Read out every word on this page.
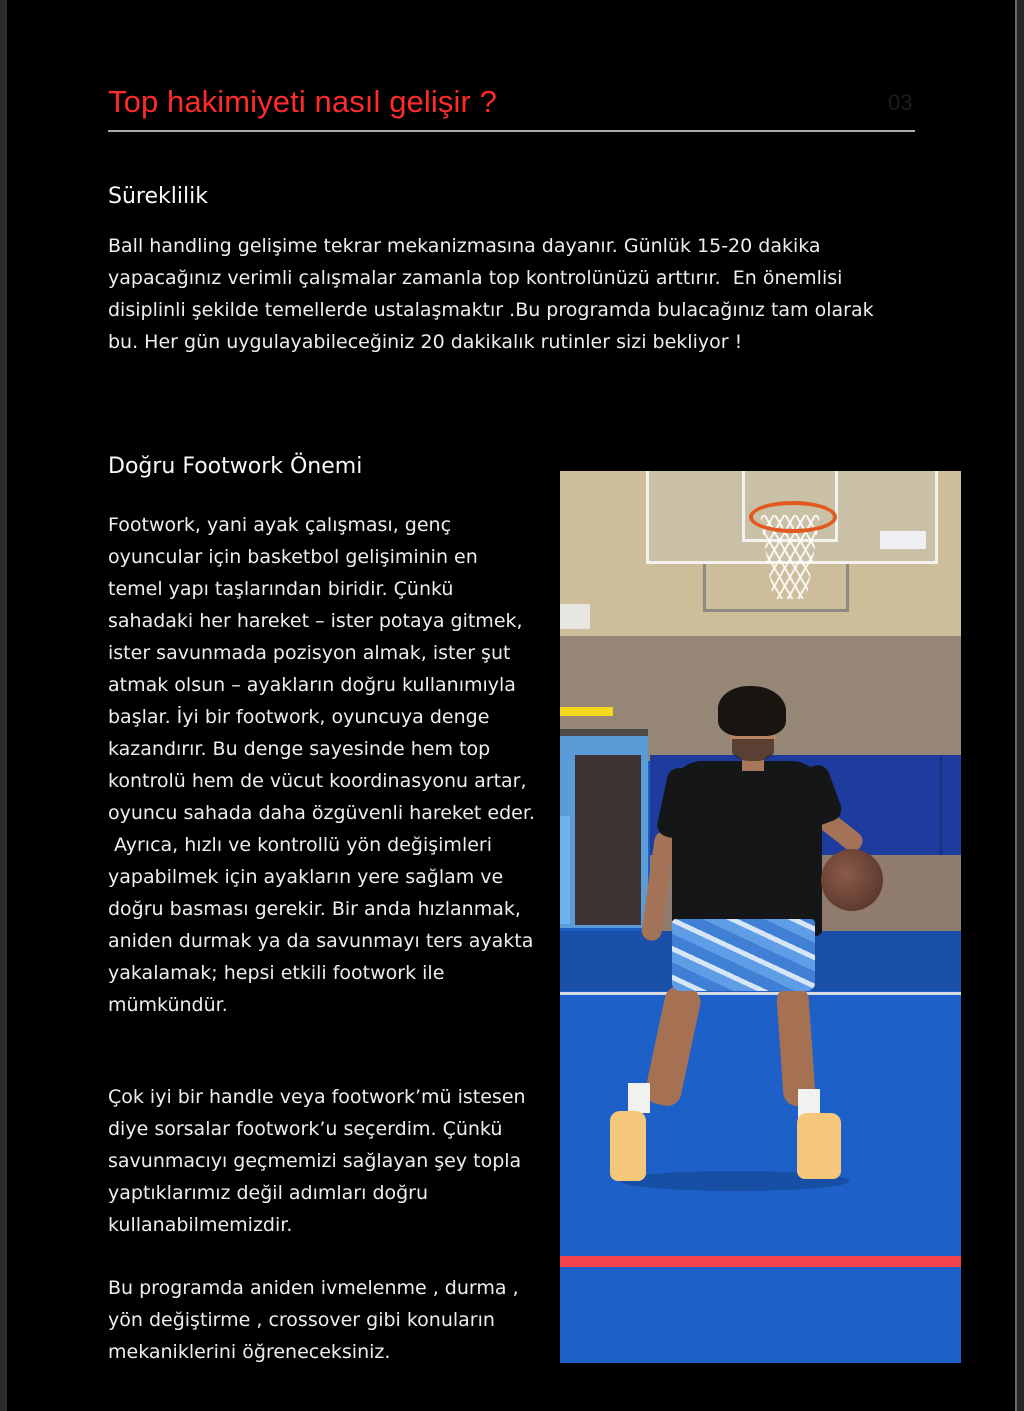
Top hakimiyeti nasıl gelişir ?	03
Süreklilik

Ball handling gelişime tekrar mekanizmasına dayanır. Günlük 15-20 dakika
yapacağınız verimli çalışmalar zamanla top kontrolünüzü arttırır.  En önemlisi
disiplinli şekilde temellerde ustalaşmaktır .Bu programda bulacağınız tam olarak
bu. Her gün uygulayabileceğiniz 20 dakikalık rutinler sizi bekliyor !

Doğru Footwork Önemi

Footwork, yani ayak çalışması, genç
oyuncular için basketbol gelişiminin en
temel yapı taşlarından biridir. Çünkü
sahadaki her hareket – ister potaya gitmek,
ister savunmada pozisyon almak, ister şut
atmak olsun – ayakların doğru kullanımıyla
başlar. İyi bir footwork, oyuncuya denge
kazandırır. Bu denge sayesinde hem top
kontrolü hem de vücut koordinasyonu artar,
oyuncu sahada daha özgüvenli hareket eder.
Ayrıca, hızlı ve kontrollü yön değişimleri
yapabilmek için ayakların yere sağlam ve
doğru basması gerekir. Bir anda hızlanmak,
aniden durmak ya da savunmayı ters ayakta
yakalamak; hepsi etkili footwork ile
mümkündür.

Çok iyi bir handle veya footwork’mü istesen
diye sorsalar footwork’u seçerdim. Çünkü
savunmacıyı geçmemizi sağlayan şey topla
yaptıklarımız değil adımları doğru
kullanabilmemizdir.

Bu programda aniden ivmelenme , durma ,
yön değiştirme , crossover gibi konuların
mekaniklerini öğreneceksiniz.
